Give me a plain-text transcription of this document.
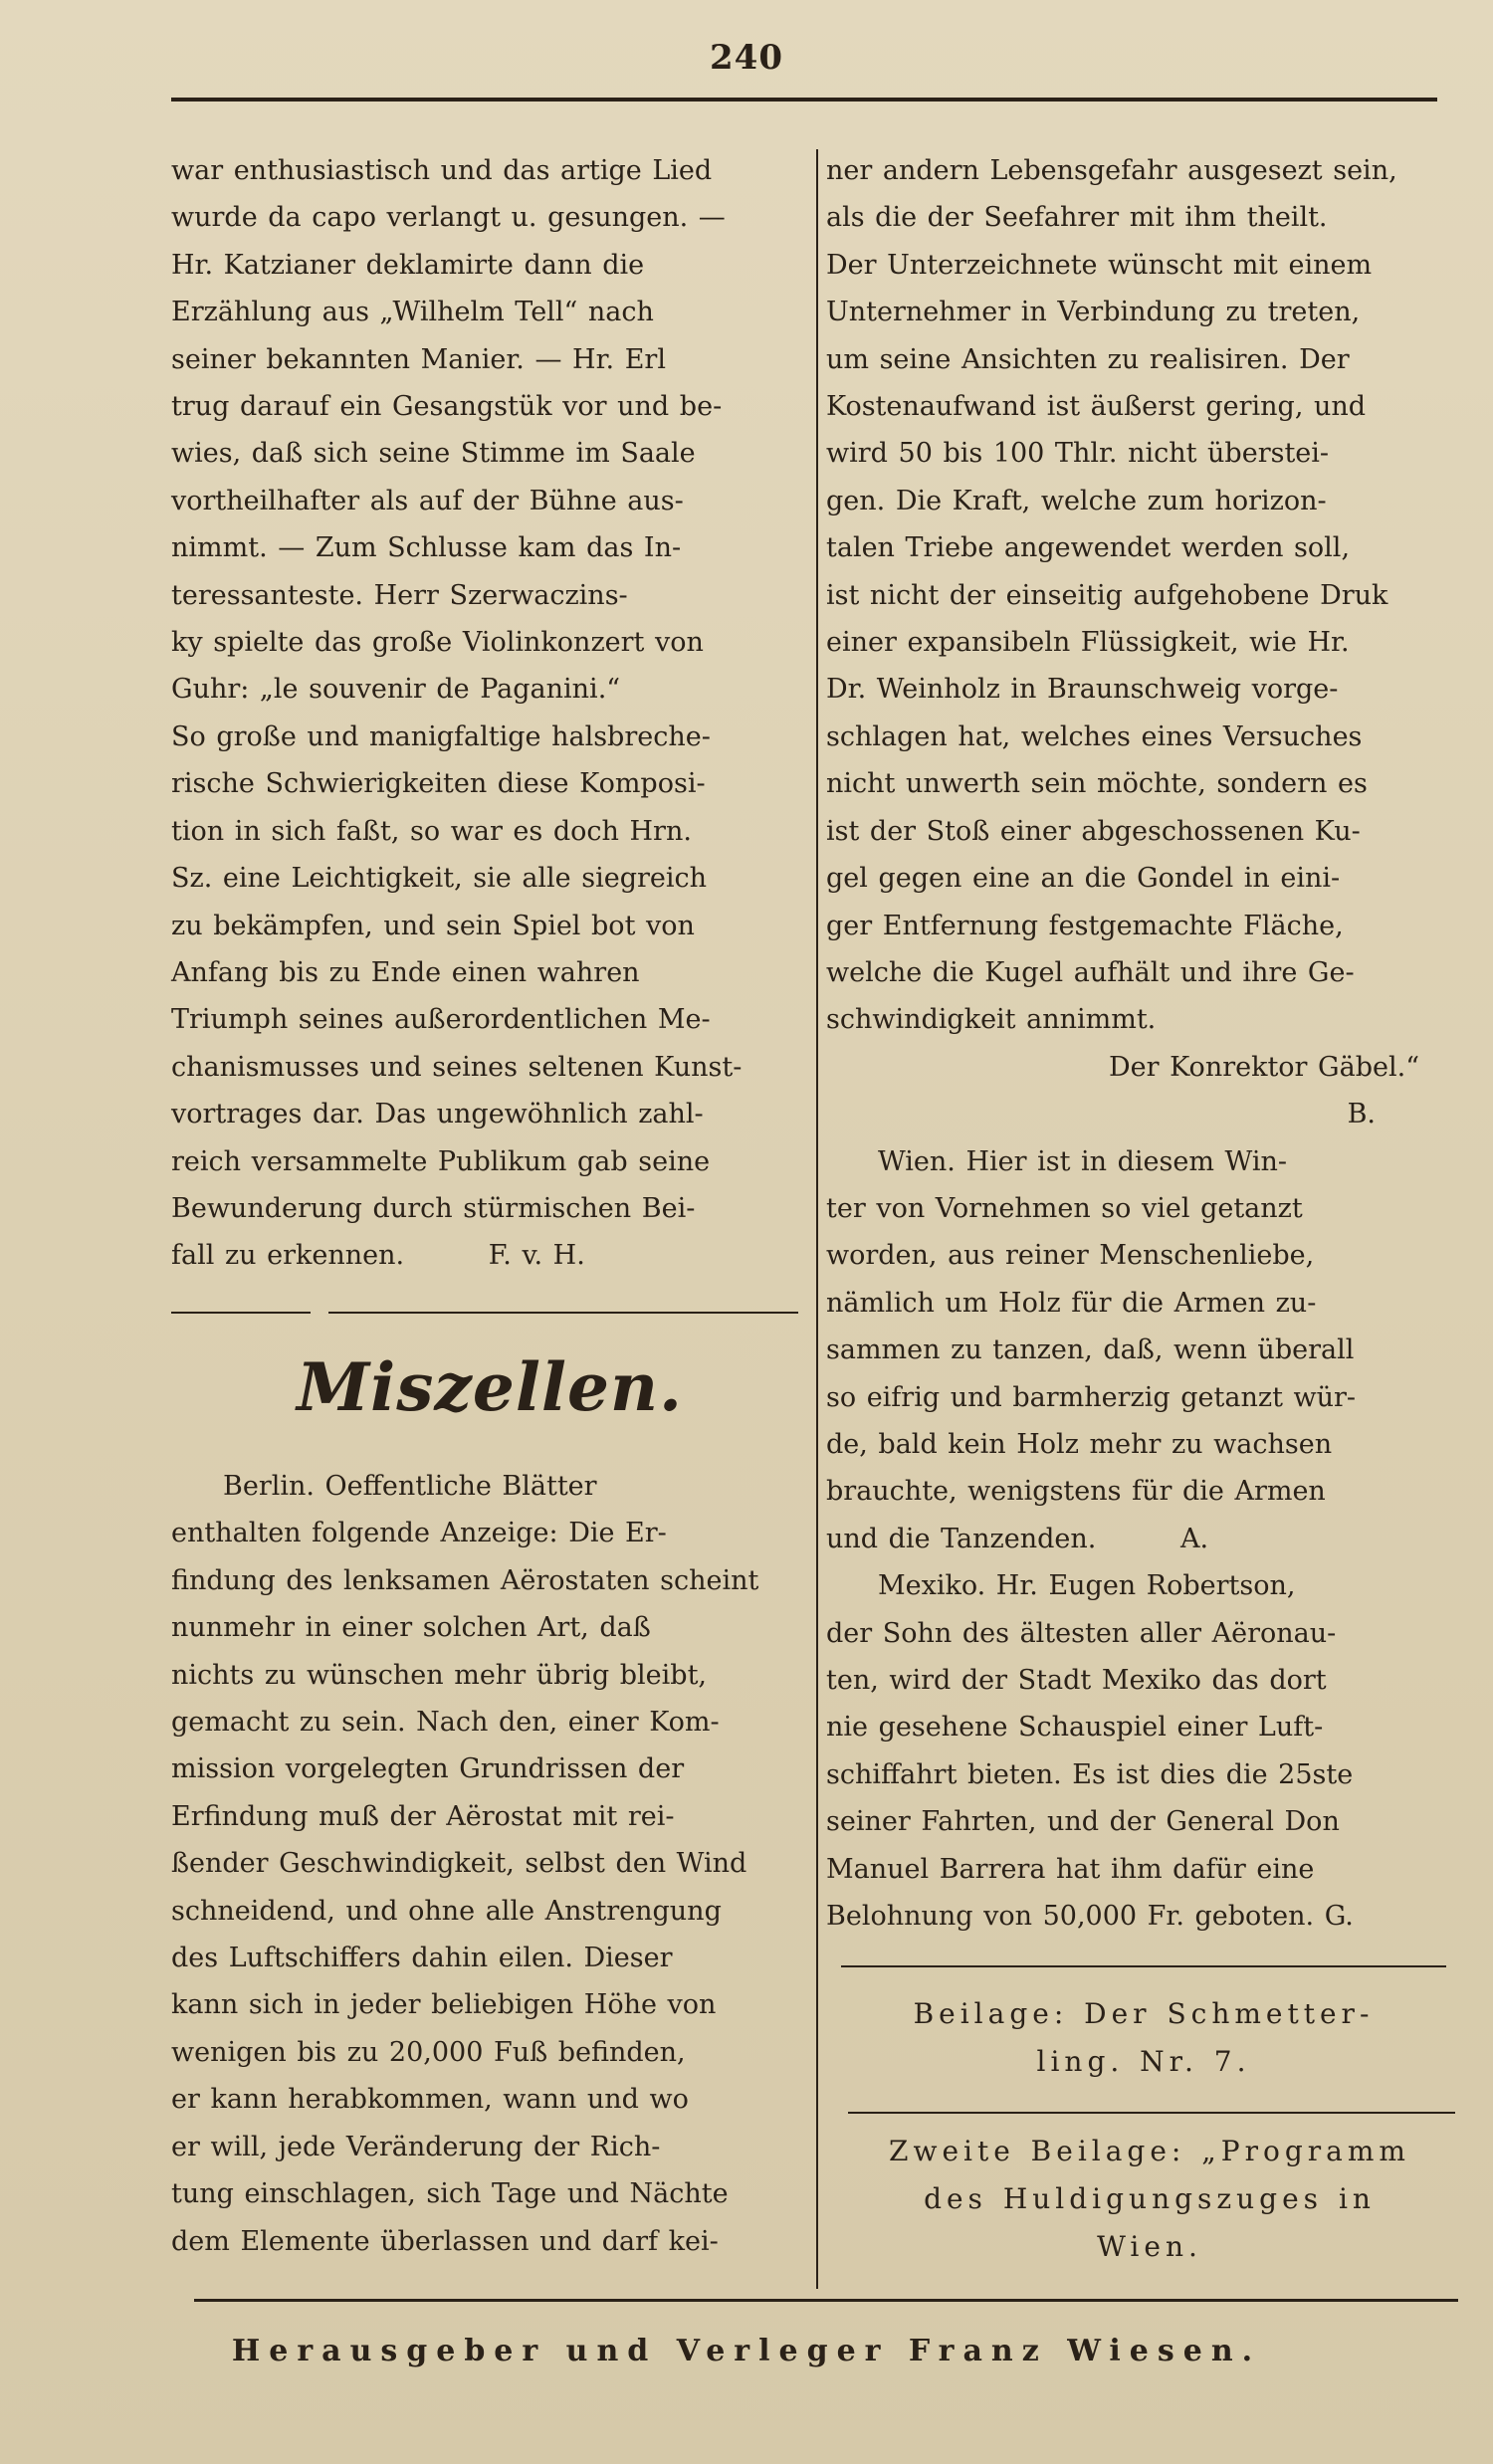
240

war enthusiastisch und das artige Lied

wurde da capo verlangt u. gesungen. —

Hr. Katzianer deklamirte dann die

Erzählung aus „Wilhelm Tell“ nach

seiner bekannten Manier. — Hr. Erl

trug darauf ein Gesangstük vor und be-

wies, daß sich seine Stimme im Saale

vortheilhafter als auf der Bühne aus-

nimmt. — Zum Schlusse kam das In-

teressanteste. Herr Szerwaczins-

ky spielte das große Violinkonzert von

Guhr: „le souvenir de Paganini.“

So große und manigfaltige halsbreche-

rische Schwierigkeiten diese Komposi-

tion in sich faßt, so war es doch Hrn.

Sz. eine Leichtigkeit, sie alle siegreich

zu bekämpfen, und sein Spiel bot von

Anfang bis zu Ende einen wahren

Triumph seines außerordentlichen Me-

chanismusses und seines seltenen Kunst-

vortrages dar. Das ungewöhnlich zahl-

reich versammelte Publikum gab seine

Bewunderung durch stürmischen Bei-

fall zu erkennen.        F. v. H.

Miszellen.

Berlin. Oeffentliche Blätter

enthalten folgende Anzeige: Die Er-

findung des lenksamen Aërostaten scheint

nunmehr in einer solchen Art, daß

nichts zu wünschen mehr übrig bleibt,

gemacht zu sein. Nach den, einer Kom-

mission vorgelegten Grundrissen der

Erfindung muß der Aërostat mit rei-

ßender Geschwindigkeit, selbst den Wind

schneidend, und ohne alle Anstrengung

des Luftschiffers dahin eilen. Dieser

kann sich in jeder beliebigen Höhe von

wenigen bis zu 20,000 Fuß befinden,

er kann herabkommen, wann und wo

er will, jede Veränderung der Rich-

tung einschlagen, sich Tage und Nächte

dem Elemente überlassen und darf kei-

ner andern Lebensgefahr ausgesezt sein,

als die der Seefahrer mit ihm theilt.

Der Unterzeichnete wünscht mit einem

Unternehmer in Verbindung zu treten,

um seine Ansichten zu realisiren. Der

Kostenaufwand ist äußerst gering, und

wird 50 bis 100 Thlr. nicht überstei-

gen. Die Kraft, welche zum horizon-

talen Triebe angewendet werden soll,

ist nicht der einseitig aufgehobene Druk

einer expansibeln Flüssigkeit, wie Hr.

Dr. Weinholz in Braunschweig vorge-

schlagen hat, welches eines Versuches

nicht unwerth sein möchte, sondern es

ist der Stoß einer abgeschossenen Ku-

gel gegen eine an die Gondel in eini-

ger Entfernung festgemachte Fläche,

welche die Kugel aufhält und ihre Ge-

schwindigkeit annimmt.

Der Konrektor Gäbel.“

B.

Wien. Hier ist in diesem Win-

ter von Vornehmen so viel getanzt

worden, aus reiner Menschenliebe,

nämlich um Holz für die Armen zu-

sammen zu tanzen, daß, wenn überall

so eifrig und barmherzig getanzt wür-

de, bald kein Holz mehr zu wachsen

brauchte, wenigstens für die Armen

und die Tanzenden.        A.

Mexiko. Hr. Eugen Robertson,

der Sohn des ältesten aller Aëronau-

ten, wird der Stadt Mexiko das dort

nie gesehene Schauspiel einer Luft-

schiffahrt bieten. Es ist dies die 25ste

seiner Fahrten, und der General Don

Manuel Barrera hat ihm dafür eine

Belohnung von 50,000 Fr. geboten. G.

Beilage: Der Schmetter-

ling. Nr. 7.

Zweite Beilage: „Programm

des Huldigungszuges in

Wien.

Herausgeber und Verleger Franz Wiesen.
